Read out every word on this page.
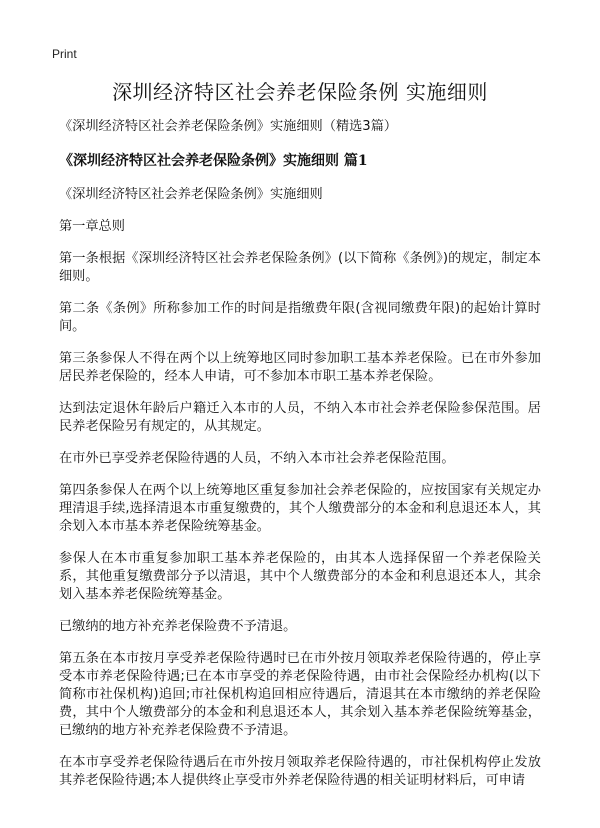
Print
深圳经济特区社会养老保险条例 实施细则

《深圳经济特区社会养老保险条例》实施细则（精选3篇）

《深圳经济特区社会养老保险条例》实施细则 篇1

《深圳经济特区社会养老保险条例》实施细则

第一章总则

第一条根据《深圳经济特区社会养老保险条例》(以下简称《条例》)的规定，制定本细则。

第二条《条例》所称参加工作的时间是指缴费年限(含视同缴费年限)的起始计算时间。

第三条参保人不得在两个以上统筹地区同时参加职工基本养老保险。已在市外参加居民养老保险的，经本人申请，可不参加本市职工基本养老保险。

达到法定退休年龄后户籍迁入本市的人员，不纳入本市社会养老保险参保范围。居民养老保险另有规定的，从其规定。

在市外已享受养老保险待遇的人员，不纳入本市社会养老保险范围。

第四条参保人在两个以上统筹地区重复参加社会养老保险的，应按国家有关规定办理清退手续,选择清退本市重复缴费的，其个人缴费部分的本金和利息退还本人，其余划入本市基本养老保险统筹基金。

参保人在本市重复参加职工基本养老保险的，由其本人选择保留一个养老保险关系，其他重复缴费部分予以清退，其中个人缴费部分的本金和利息退还本人，其余划入基本养老保险统筹基金。

已缴纳的地方补充养老保险费不予清退。

第五条在本市按月享受养老保险待遇时已在市外按月领取养老保险待遇的，停止享受本市养老保险待遇;已在本市享受的养老保险待遇，由市社会保险经办机构(以下简称市社保机构)追回;市社保机构追回相应待遇后，清退其在本市缴纳的养老保险费，其中个人缴费部分的本金和利息退还本人，其余划入基本养老保险统筹基金，已缴纳的地方补充养老保险费不予清退。

在本市享受养老保险待遇后在市外按月领取养老保险待遇的，市社保机构停止发放其养老保险待遇;本人提供终止享受市外养老保险待遇的相关证明材料后，可申请
